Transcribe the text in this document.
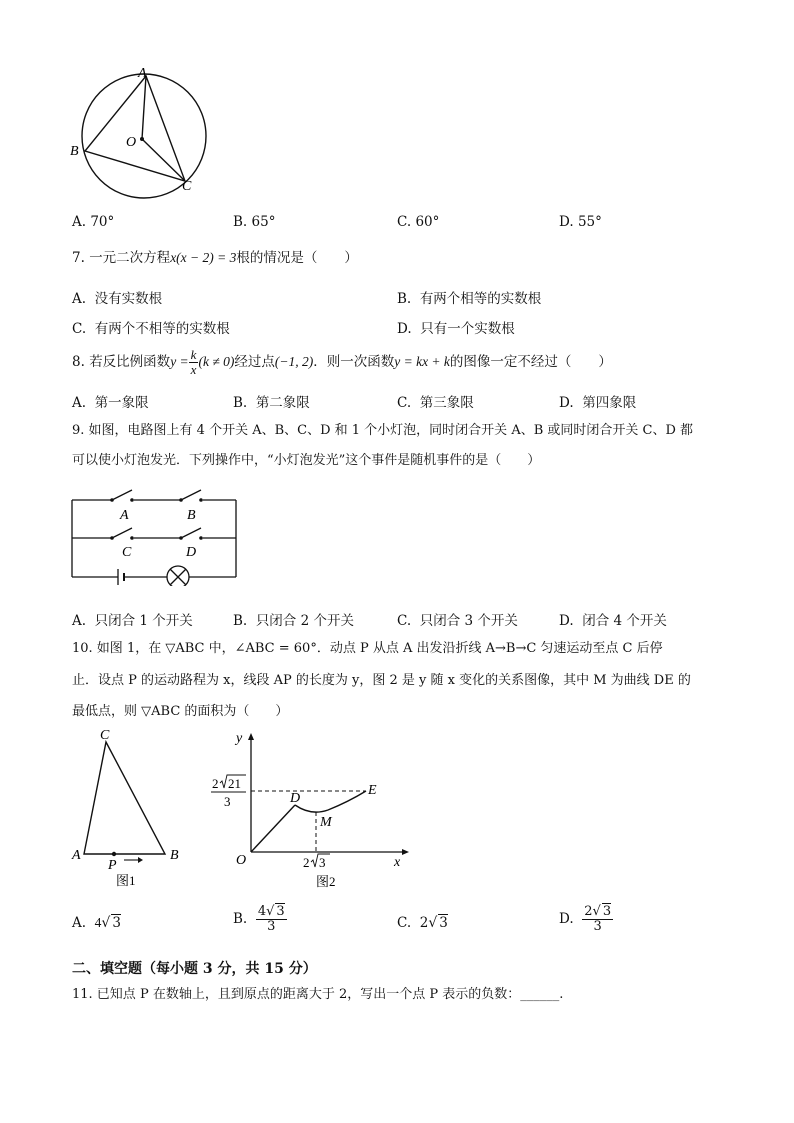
A
B
C
O
A. 70°	B. 65°	C. 60°	D. 55°
7. 一元二次方程x(x − 2) = 3根的情况是（　　）
A. 没有实数根	B. 有两个相等的实数根
C. 有两个不相等的实数根	D. 只有一个实数根
8. 若反比例函数$y = \frac{k}{x} (k \ne 0)$经过点(−1, 2)．则一次函数y = kx + k的图像一定不经过（　　）
A. 第一象限	B. 第二象限	C. 第三象限	D. 第四象限
9. 如图，电路图上有 4 个开关 A、B、C、D 和 1 个小灯泡，同时闭合开关 A、B 或同时闭合开关 C、D 都
可以使小灯泡发光．下列操作中，“小灯泡发光”这个事件是随机事件的是（　　）
A	B
C	D
A. 只闭合 1 个开关	B. 只闭合 2 个开关	C. 只闭合 3 个开关	D. 闭合 4 个开关
10. 如图 1，在 ▽ABC 中，∠ABC = 60°．动点 P 从点 A 出发沿折线 A→B→C 匀速运动至点 C 后停
止．设点 P 的运动路程为 x，线段 AP 的长度为 y，图 2 是 y 随 x 变化的关系图像，其中 M 为曲线 DE 的
最低点，则 ▽ABC 的面积为（　　）
A	B
C
P
图1
y
x
O
D
E
M
2 21
3
2 3
图2
A. 4√ 3	B. $\frac{4√ 3}{3}$	C. 2√ 3	D. $\frac{2√ 3}{3}$
二、填空题（每小题 3 分，共 15 分）
11. 已知点 P 在数轴上，且到原点的距离大于 2，写出一个点 P 表示的负数：______.
